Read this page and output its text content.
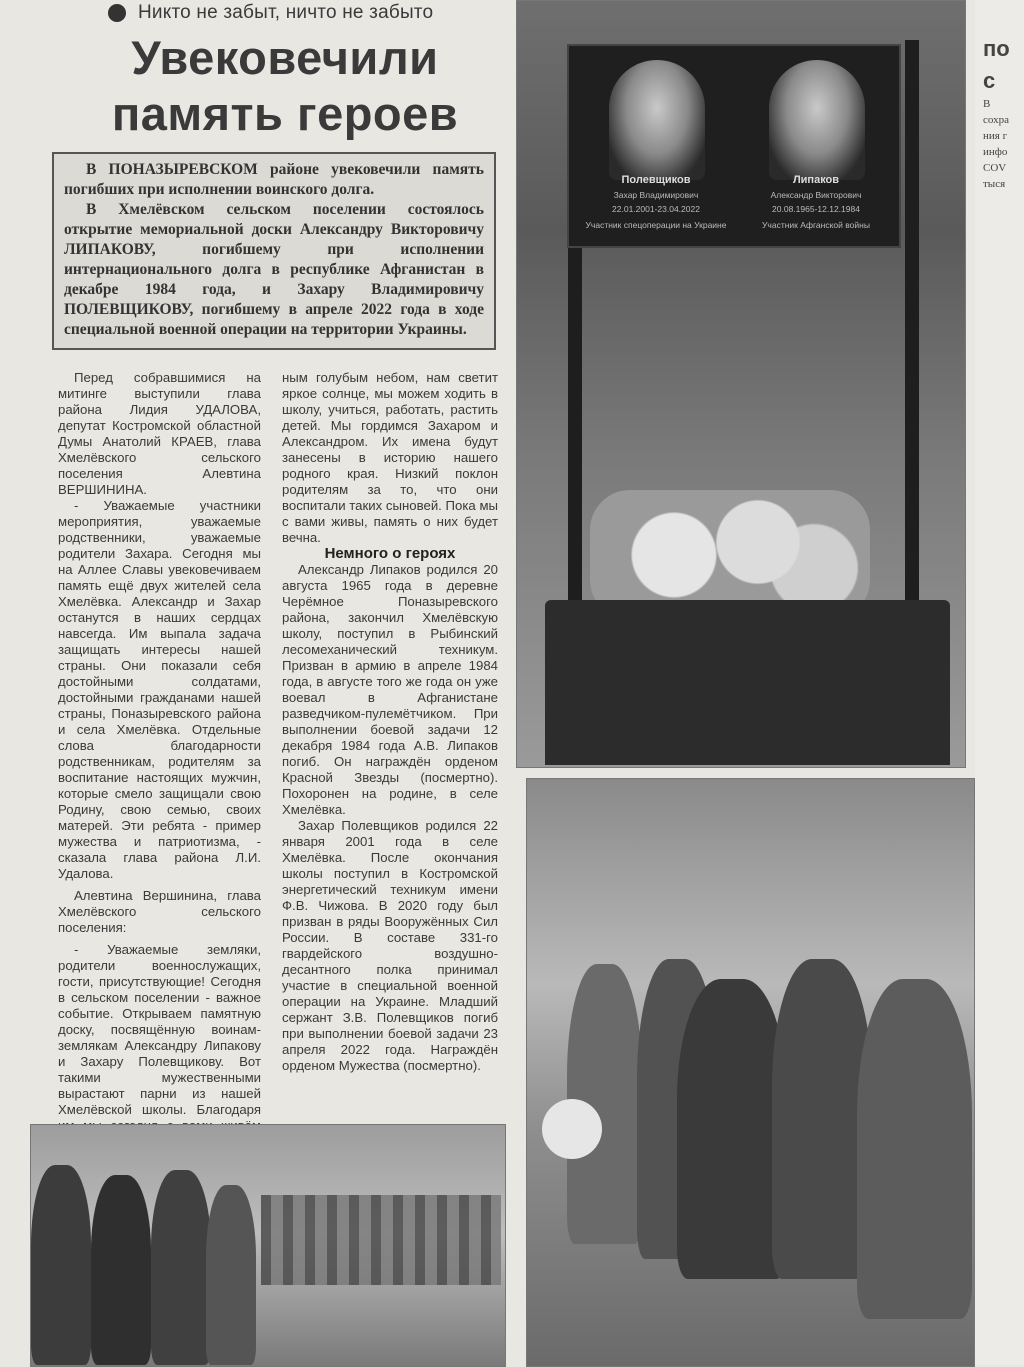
Никто не забыт, ничто не забыто
Увековечили
память героев

В ПОНАЗЫРЕВСКОМ районе увековечили память погибших при исполнении воинского долга.

В Хмелёвском сельском поселении состоялось открытие мемориальной доски Александру Викторовичу ЛИПАКОВУ, погибшему при исполнении интернационального долга в республике Афганистан в декабре 1984 года, и Захару Владимировичу ПОЛЕВЩИКОВУ, погибшему в апреле 2022 года в ходе специальной военной операции на территории Украины.

Перед собравшимися на митинге выступили глава района Лидия УДАЛОВА, депутат Костромской областной Думы Анатолий КРАЕВ, глава Хмелёвского сельского поселения Алевтина ВЕРШИНИНА.

- Уважаемые участники мероприятия, уважаемые родственники, уважаемые родители Захара. Сегодня мы на Аллее Славы увековечиваем память ещё двух жителей села Хмелёвка. Александр и Захар останутся в наших сердцах навсегда. Им выпала задача защищать интересы нашей страны. Они показали себя достойными солдатами, достойными гражданами нашей страны, Поназыревского района и села Хмелёвка. Отдельные слова благодарности родственникам, родителям за воспитание настоящих мужчин, которые смело защищали свою Родину, свою семью, своих матерей. Эти ребята - пример мужества и патриотизма, - сказала глава района Л.И. Удалова.

Алевтина Вершинина, глава Хмелёвского сельского поселения:

- Уважаемые земляки, родители военнослужащих, гости, присутствующие! Сегодня в сельском поселении - важное событие. Открываем памятную доску, посвящённую воинам-землякам Александру Липакову и Захару Полевщикову. Вот такими мужественными вырастают парни из нашей Хмелёвской школы. Благодаря

ным голубым небом, нам светит яркое солнце, мы можем ходить в школу, учиться, работать, растить детей. Мы гордимся Захаром и Александром. Их имена будут занесены в историю нашего родного края. Низкий поклон родителям за то, что они воспитали таких сыновей. Пока мы с вами живы, память о них будет вечна.

Немного о героях

Александр Липаков родился 20 августа 1965 года в деревне Черёмное Поназыревского района, закончил Хмелёвскую школу, поступил в Рыбинский лесомеханический техникум. Призван в армию в апреле 1984 года, в августе того же года он уже воевал в Афганистане разведчиком-пулемётчиком. При выполнении боевой задачи 12 декабря 1984 года А.В. Липаков погиб. Он награждён орденом Красной Звезды (посмертно). Похоронен на родине, в селе Хмелёвка.

Захар Полевщиков родился 22 января 2001 года в селе Хмелёвка. После окончания школы поступил в Костромской энергетический техникум имени Ф.В. Чижова. В 2020 году был призван в ряды Вооружённых Сил России. В составе 331-го гвардейского воздушно-десантного полка принимал участие в специальной военной операции на Украине. Младший сержант З.В. Полевщиков погиб при выполнении боевой задачи 23 апреля 2022 года. Награждён орденом Мужества (посмертно).

Полевщиков
Захар Владимирович
22.01.2001-23.04.2022
Участник спецоперации на Украине
Липаков
Александр Викторович
20.08.1965-12.12.1984
Участник Афганской войны
по
с
В
сохра
ния г
инфо
COV
тыся
